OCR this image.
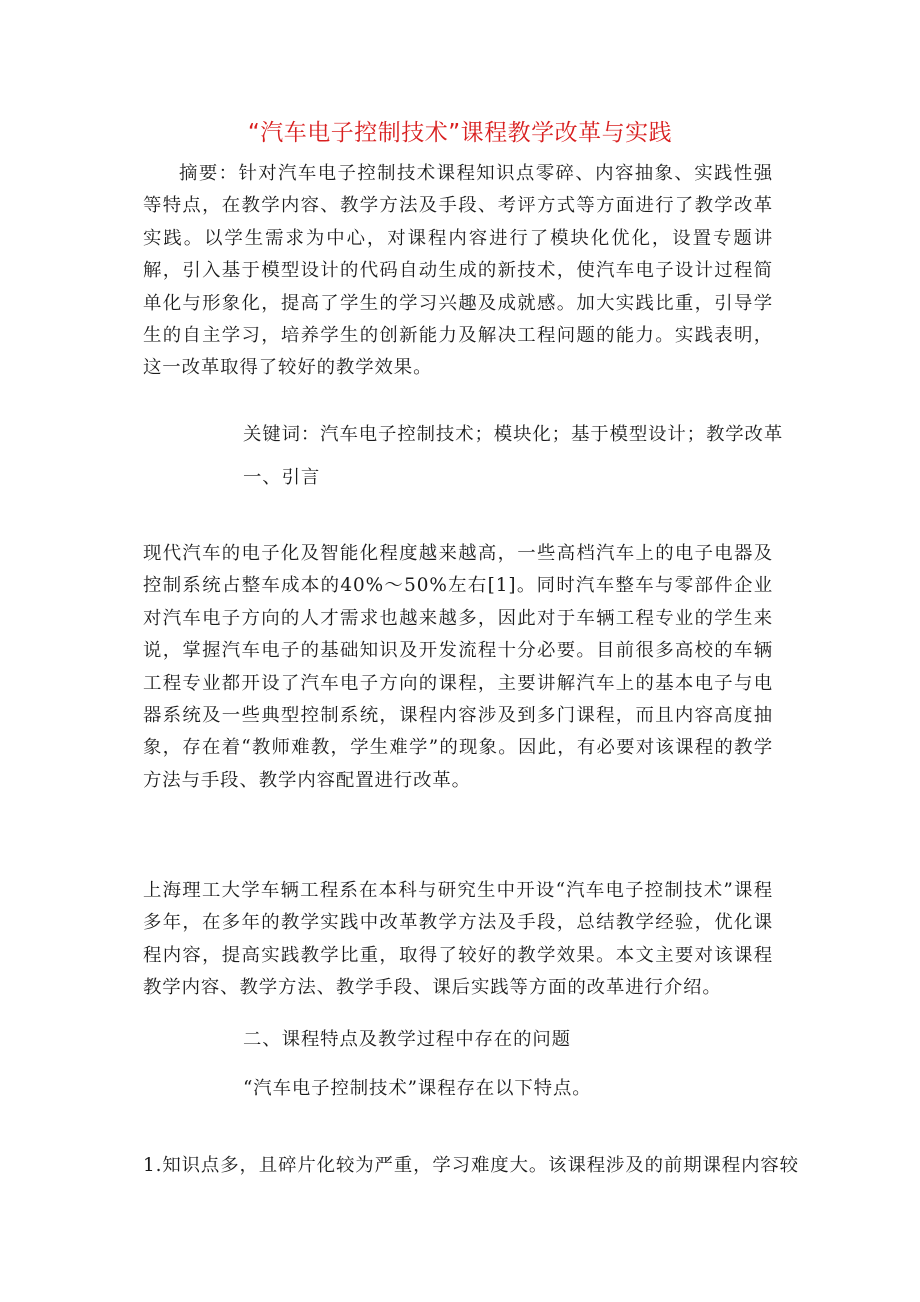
“汽车电子控制技术”课程教学改革与实践

摘要：针对汽车电子控制技术课程知识点零碎、内容抽象、实践性强等特点，在教学内容、教学方法及手段、考评方式等方面进行了教学改革实践。以学生需求为中心，对课程内容进行了模块化优化，设置专题讲解，引入基于模型设计的代码自动生成的新技术，使汽车电子设计过程简单化与形象化，提高了学生的学习兴趣及成就感。加大实践比重，引导学生的自主学习，培养学生的创新能力及解决工程问题的能力。实践表明，这一改革取得了较好的教学效果。

关键词：汽车电子控制技术；模块化；基于模型设计；教学改革

一、引言

现代汽车的电子化及智能化程度越来越高，一些高档汽车上的电子电器及控制系统占整车成本的40%～50%左右[1]。同时汽车整车与零部件企业对汽车电子方向的人才需求也越来越多，因此对于车辆工程专业的学生来说，掌握汽车电子的基础知识及开发流程十分必要。目前很多高校的车辆工程专业都开设了汽车电子方向的课程，主要讲解汽车上的基本电子与电器系统及一些典型控制系统，课程内容涉及到多门课程，而且内容高度抽象，存在着“教师难教，学生难学”的现象。因此，有必要对该课程的教学方法与手段、教学内容配置进行改革。

上海理工大学车辆工程系在本科与研究生中开设“汽车电子控制技术”课程多年，在多年的教学实践中改革教学方法及手段，总结教学经验，优化课程内容，提高实践教学比重，取得了较好的教学效果。本文主要对该课程教学内容、教学方法、教学手段、课后实践等方面的改革进行介绍。

二、课程特点及教学过程中存在的问题

“汽车电子控制技术”课程存在以下特点。

1.知识点多，且碎片化较为严重，学习难度大。该课程涉及的前期课程内容较
